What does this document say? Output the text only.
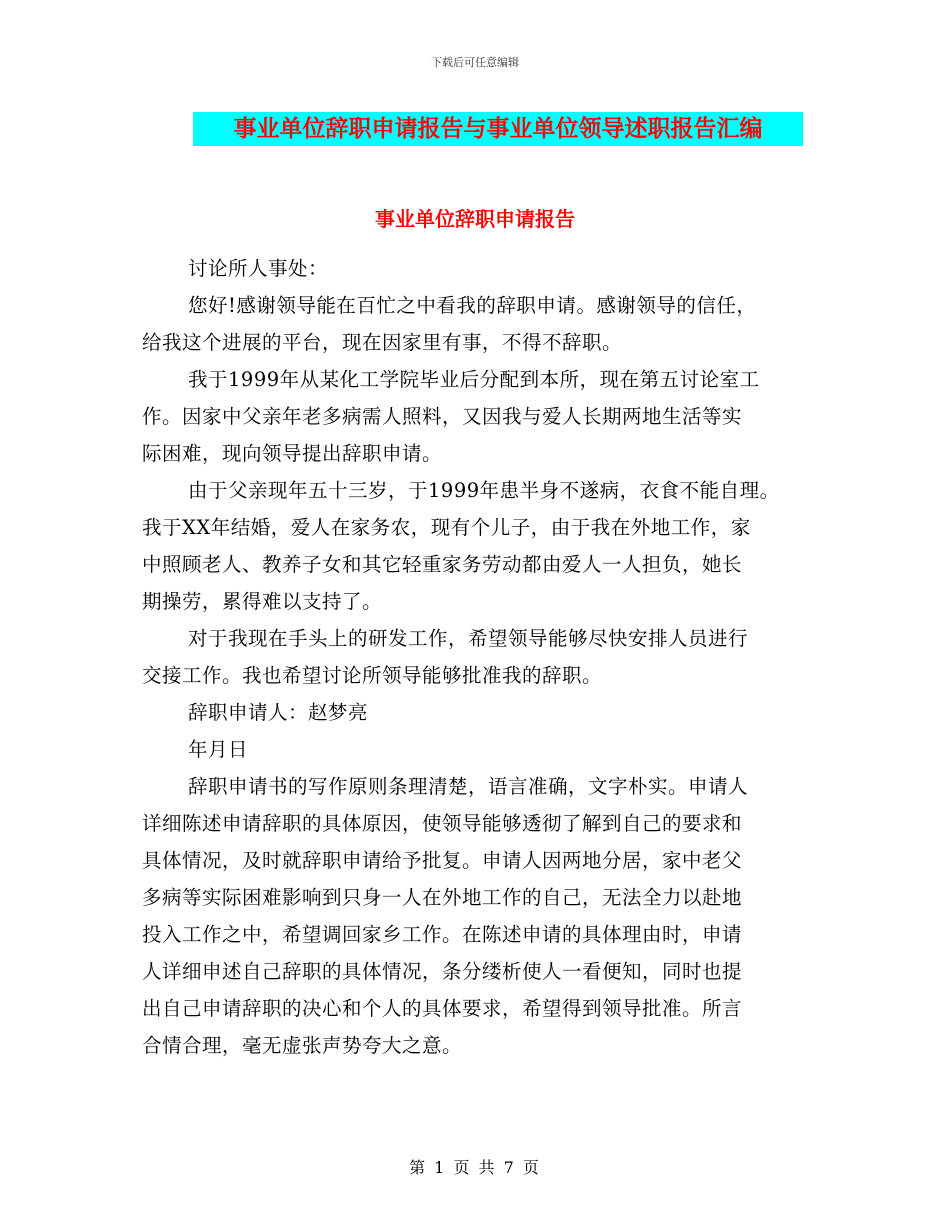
下载后可任意编辑
事业单位辞职申请报告与事业单位领导述职报告汇编
事业单位辞职申请报告
讨论所人事处：
您好!感谢领导能在百忙之中看我的辞职申请。感谢领导的信任，
给我这个进展的平台，现在因家里有事，不得不辞职。
我于1999年从某化工学院毕业后分配到本所，现在第五讨论室工
作。因家中父亲年老多病需人照料，又因我与爱人长期两地生活等实
际困难，现向领导提出辞职申请。
由于父亲现年五十三岁，于1999年患半身不遂病，衣食不能自理。
我于XX年结婚，爱人在家务农，现有个儿子，由于我在外地工作，家
中照顾老人、教养子女和其它轻重家务劳动都由爱人一人担负，她长
期操劳，累得难以支持了。
对于我现在手头上的研发工作，希望领导能够尽快安排人员进行
交接工作。我也希望讨论所领导能够批准我的辞职。
辞职申请人：赵梦亮
年月日
辞职申请书的写作原则条理清楚，语言准确，文字朴实。申请人
详细陈述申请辞职的具体原因，使领导能够透彻了解到自己的要求和
具体情况，及时就辞职申请给予批复。申请人因两地分居，家中老父
多病等实际困难影响到只身一人在外地工作的自己，无法全力以赴地
投入工作之中，希望调回家乡工作。在陈述申请的具体理由时，申请
人详细申述自己辞职的具体情况，条分缕析使人一看便知，同时也提
出自己申请辞职的决心和个人的具体要求，希望得到领导批准。所言
合情合理，毫无虚张声势夸大之意。
第 1 页 共 7 页
